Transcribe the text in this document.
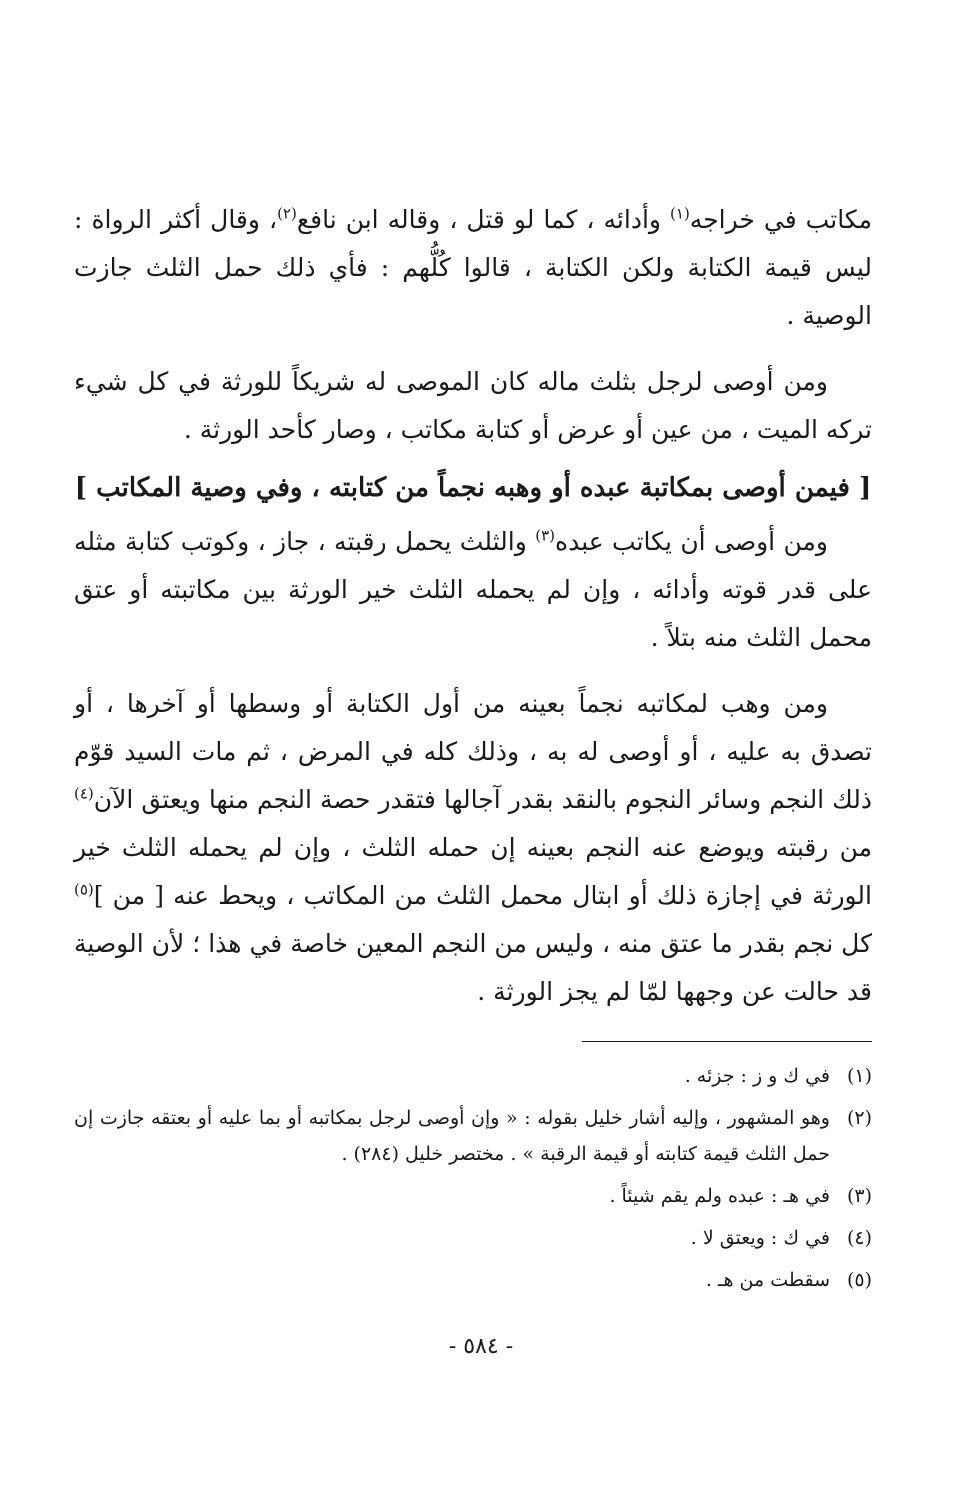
مكاتب في خراجه$^{(١)}$ وأدائه ، كما لو قتل ، وقاله ابن نافع$^{(٢)}$، وقال أكثر الرواة : ليس قيمة الكتابة ولكن الكتابة ، قالوا كُلُّهم : فأي ذلك حمل الثلث جازت الوصية .

ومن أوصى لرجل بثلث ماله كان الموصى له شريكاً للورثة في كل شيء تركه الميت ، من عين أو عرض أو كتابة مكاتب ، وصار كأحد الورثة .

[ فيمن أوصى بمكاتبة عبده أو وهبه نجماً من كتابته ، وفي وصية المكاتب ]

ومن أوصى أن يكاتب عبده$^{(٣)}$ والثلث يحمل رقبته ، جاز ، وكوتب كتابة مثله على قدر قوته وأدائه ، وإن لم يحمله الثلث خير الورثة بين مكاتبته أو عتق محمل الثلث منه بتلاً .

ومن وهب لمكاتبه نجماً بعينه من أول الكتابة أو وسطها أو آخرها ، أو تصدق به عليه ، أو أوصى له به ، وذلك كله في المرض ، ثم مات السيد قوّم ذلك النجم وسائر النجوم بالنقد بقدر آجالها فتقدر حصة النجم منها ويعتق الآن$^{(٤)}$ من رقبته ويوضع عنه النجم بعينه إن حمله الثلث ، وإن لم يحمله الثلث خير الورثة في إجازة ذلك أو ابتال محمل الثلث من المكاتب ، ويحط عنه [ من ]$^{(٥)}$ كل نجم بقدر ما عتق منه ، وليس من النجم المعين خاصة في هذا ؛ لأن الوصية قد حالت عن وجهها لمّا لم يجز الورثة .

(١)
في ك و ز : جزئه .
(٢)
وهو المشهور ، وإليه أشار خليل بقوله : « وإن أوصى لرجل بمكاتبه أو بما عليه أو بعتقه جازت إن حمل الثلث قيمة كتابته أو قيمة الرقبة » . مختصر خليل (٢٨٤) .
(٣)
في هـ : عبده ولم يقم شيئاً .
(٤)
في ك : ويعتق لا .
(٥)
سقطت من هـ .
- ٥٨٤ -
